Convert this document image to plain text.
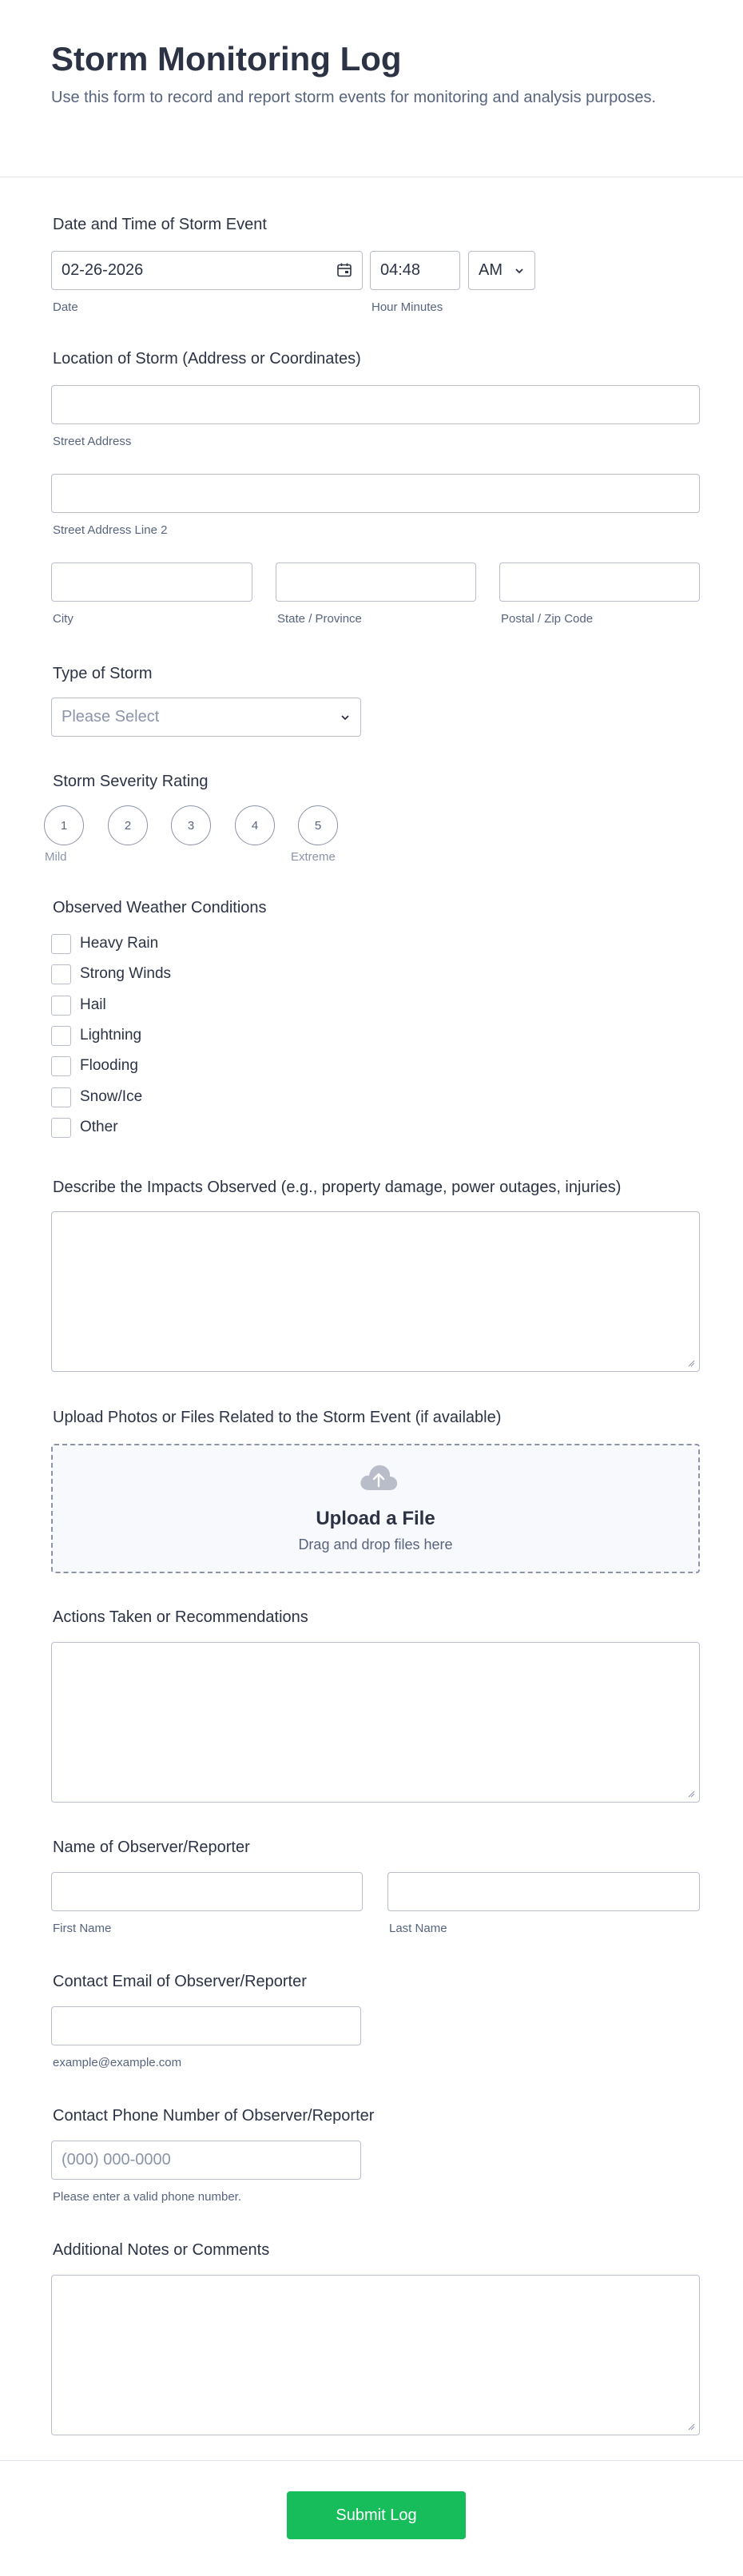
Storm Monitoring Log
Use this form to record and report storm events for monitoring and analysis purposes.
Date and Time of Storm Event
02-26-2026
Date
04:48	Hour Minutes
AM
Location of Storm (Address or Coordinates)
Street Address
Street Address Line 2
City	State / Province	Postal / Zip Code
Type of Storm
Please Select
Storm Severity Rating
1	2	3	4	5
Mild	Extreme
Observed Weather Conditions
Heavy Rain
Strong Winds
Hail
Lightning
Flooding
Snow/Ice
Other
Describe the Impacts Observed (e.g., property damage, power outages, injuries)
Upload Photos or Files Related to the Storm Event (if available)
Upload a File
Drag and drop files here
Actions Taken or Recommendations
Name of Observer/Reporter
First Name	Last Name
Contact Email of Observer/Reporter
example@example.com
Contact Phone Number of Observer/Reporter
(000) 000-0000
Please enter a valid phone number.
Additional Notes or Comments
Submit Log
